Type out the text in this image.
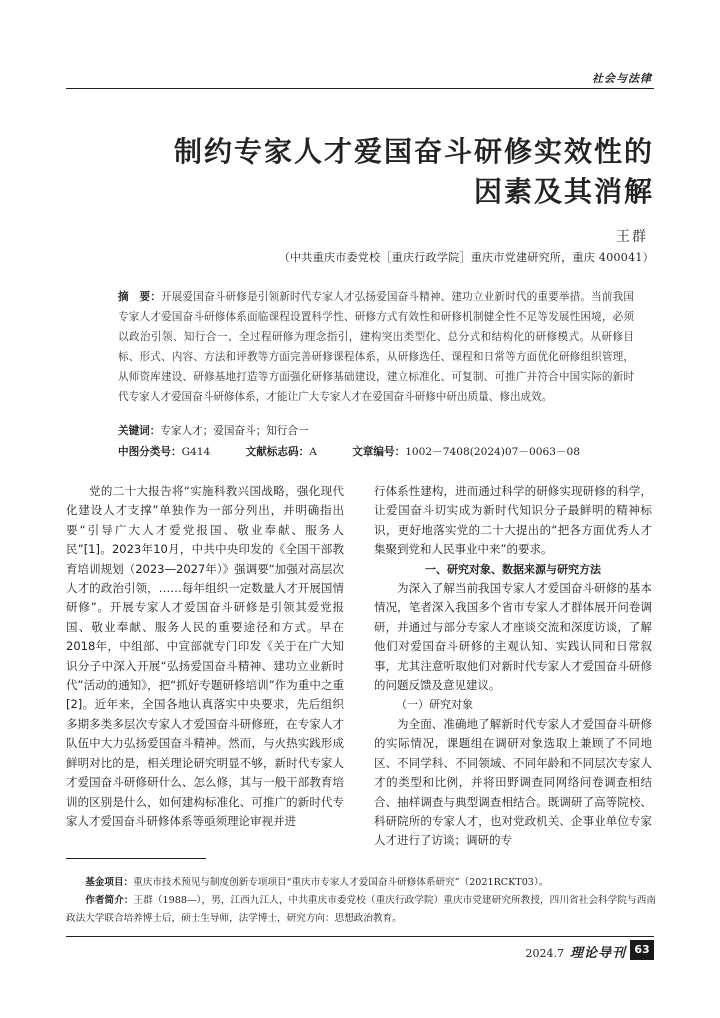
社会与法律
制约专家人才爱国奋斗研修实效性的
因素及其消解
王群
（中共重庆市委党校［重庆行政学院］重庆市党建研究所，重庆 400041）
摘　要：开展爱国奋斗研修是引领新时代专家人才弘扬爱国奋斗精神、建功立业新时代的重要举措。当前我国专家人才爱国奋斗研修体系面临课程设置科学性、研修方式有效性和研修机制健全性不足等发展性困境，必须以政治引领、知行合一、全过程研修为理念指引，建构突出类型化、总分式和结构化的研修模式。从研修目标、形式、内容、方法和评教等方面完善研修课程体系，从研修选任、课程和日常等方面优化研修组织管理，从师资库建设、研修基地打造等方面强化研修基础建设，建立标准化、可复制、可推广并符合中国实际的新时代专家人才爱国奋斗研修体系，才能让广大专家人才在爱国奋斗研修中研出质量、修出成效。
关键词：专家人才；爱国奋斗；知行合一
中图分类号：G414	文献标志码：A	文章编号：1002－7408(2024)07－0063－08

党的二十大报告将“实施科教兴国战略，强化现代化建设人才支撑”单独作为一部分列出，并明确指出要“引导广大人才爱党报国、敬业奉献、服务人民”[1]。2023年10月，中共中央印发的《全国干部教育培训规划（2023—2027年）》强调要“加强对高层次人才的政治引领，……每年组织一定数量人才开展国情研修”。开展专家人才爱国奋斗研修是引领其爱党报国、敬业奉献、服务人民的重要途径和方式。早在2018年，中组部、中宣部就专门印发《关于在广大知识分子中深入开展“弘扬爱国奋斗精神、建功立业新时代”活动的通知》，把“抓好专题研修培训”作为重中之重[2]。近年来，全国各地认真落实中央要求，先后组织多期多类多层次专家人才爱国奋斗研修班，在专家人才队伍中大力弘扬爱国奋斗精神。然而，与火热实践形成鲜明对比的是，相关理论研究明显不够，新时代专家人才爱国奋斗研修研什么、怎么修，其与一般干部教育培训的区别是什么，如何建构标准化、可推广的新时代专家人才爱国奋斗研修体系等亟须理论审视并进

行体系性建构，进而通过科学的研修实现研修的科学，让爱国奋斗切实成为新时代知识分子最鲜明的精神标识，更好地落实党的二十大提出的“把各方面优秀人才集聚到党和人民事业中来”的要求。

一、研究对象、数据来源与研究方法

为深入了解当前我国专家人才爱国奋斗研修的基本情况，笔者深入我国多个省市专家人才群体展开问卷调研，并通过与部分专家人才座谈交流和深度访谈，了解他们对爱国奋斗研修的主观认知、实践认同和日常叙事，尤其注意听取他们对新时代专家人才爱国奋斗研修的问题反馈及意见建议。

（一）研究对象

为全面、准确地了解新时代专家人才爱国奋斗研修的实际情况，课题组在调研对象选取上兼顾了不同地区、不同学科、不同领域、不同年龄和不同层次专家人才的类型和比例，并将田野调查同网络问卷调查相结合、抽样调查与典型调查相结合。既调研了高等院校、科研院所的专家人才，也对党政机关、企事业单位专家人才进行了访谈；调研的专

基金项目：重庆市技术预见与制度创新专项项目“重庆市专家人才爱国奋斗研修体系研究”（2021RCKT03）。

作者简介：王群（1988—），男，江西九江人，中共重庆市委党校（重庆行政学院）重庆市党建研究所教授，四川省社会科学院与西南政法大学联合培养博士后，硕士生导师，法学博士，研究方向：思想政治教育。

2024.7 理论导刊 63
